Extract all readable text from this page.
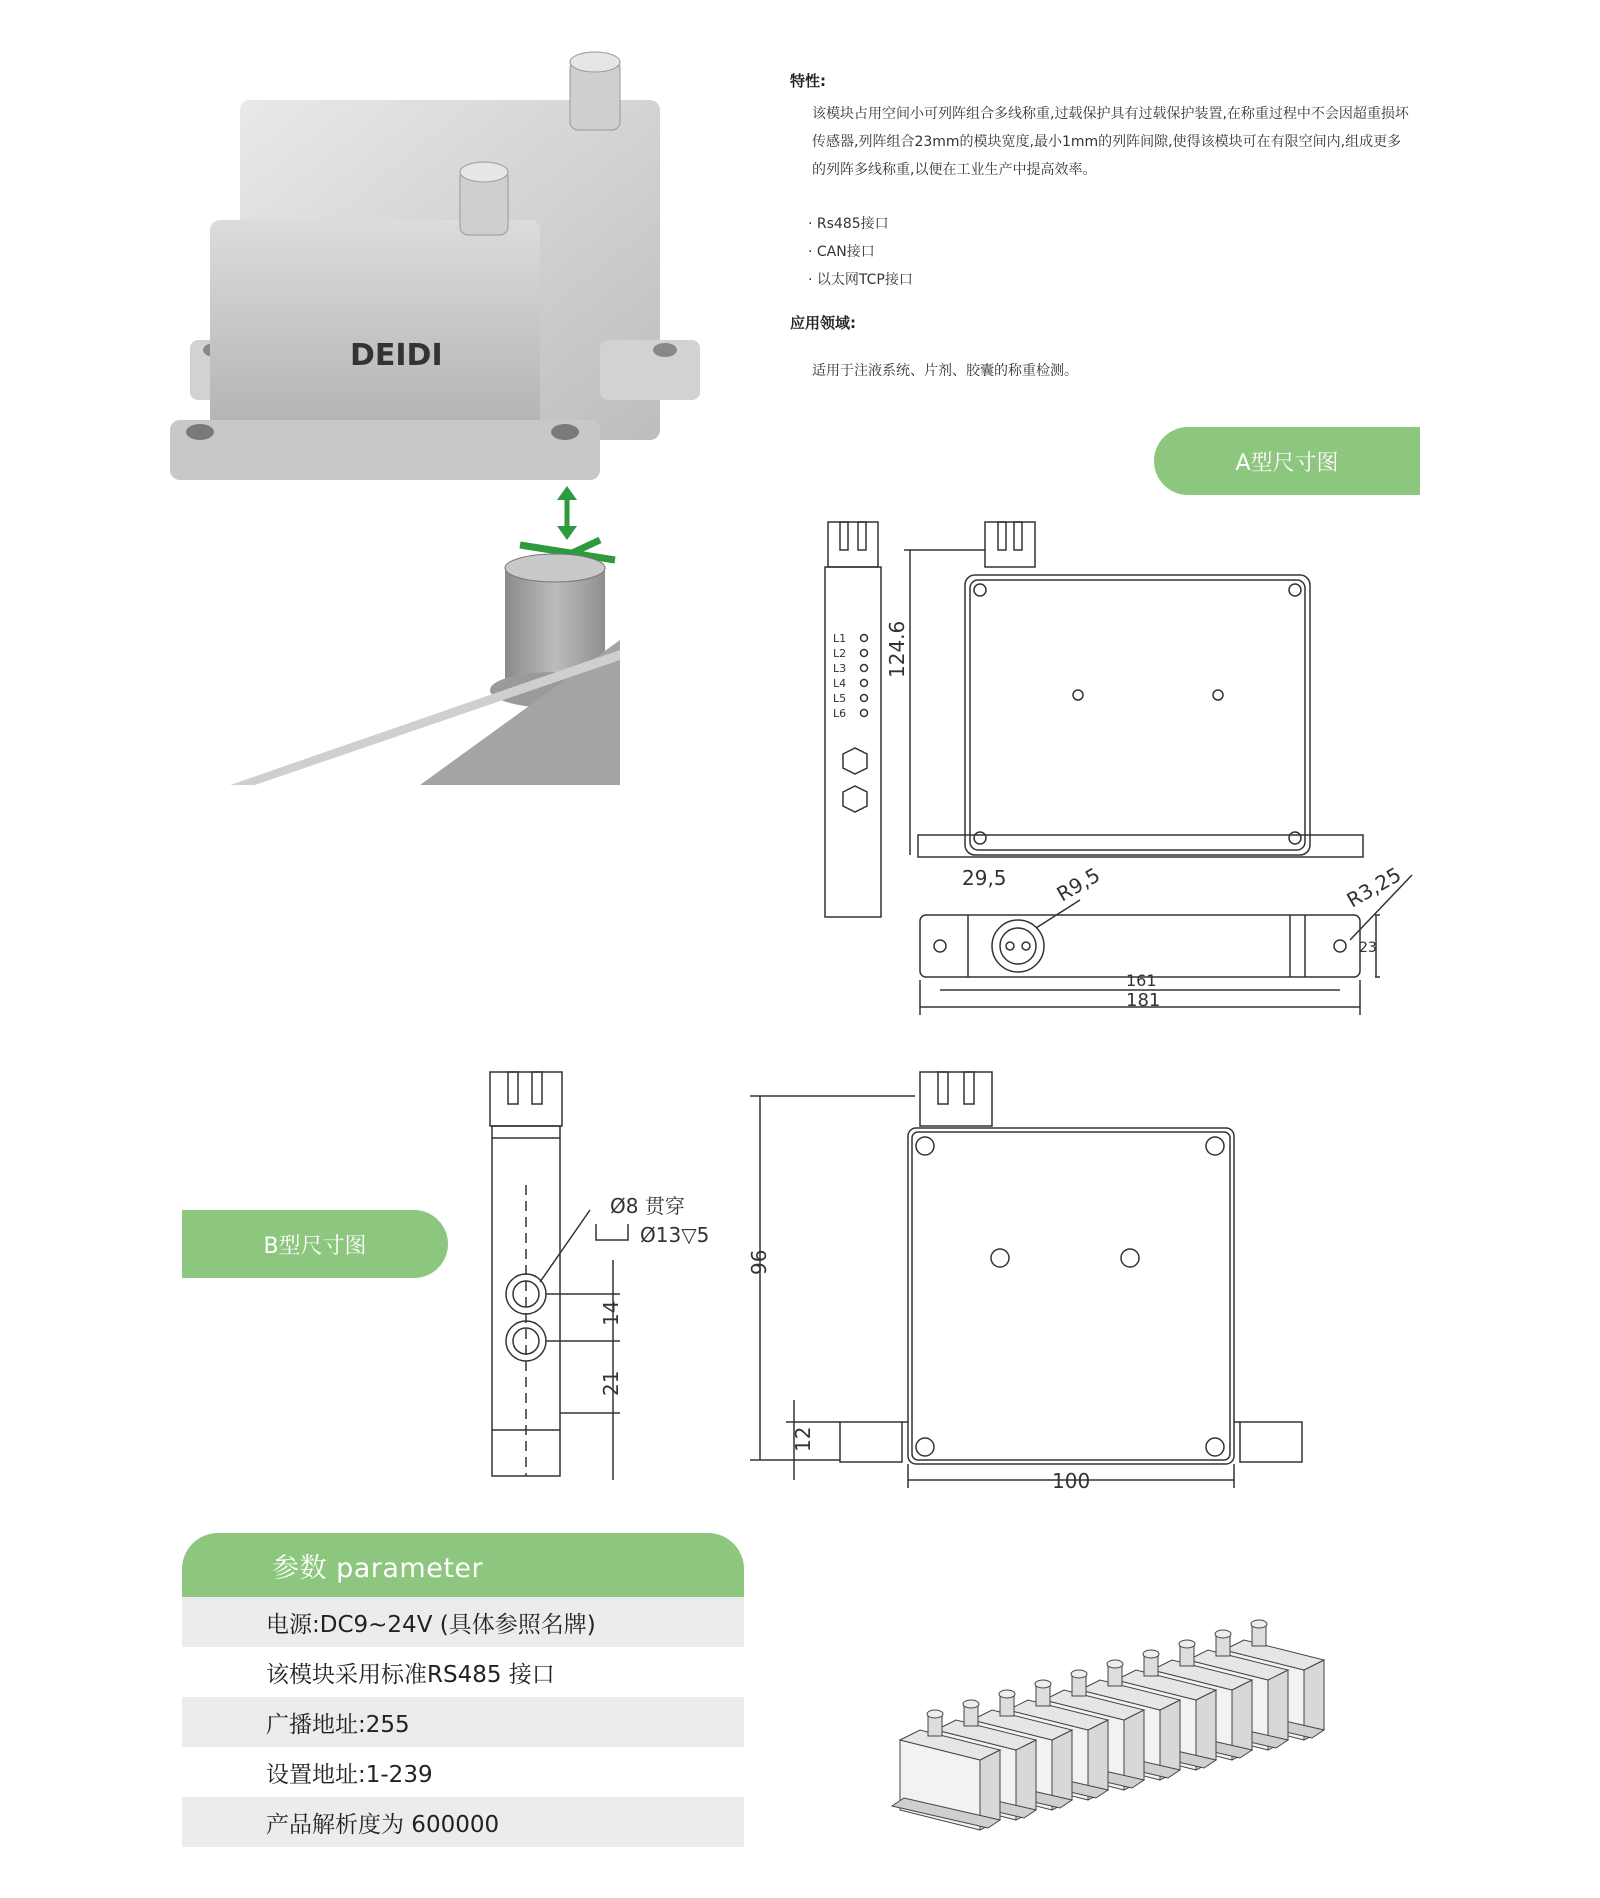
DEIDI
特性:
该模块占用空间小可列阵组合多线称重,过载保护具有过载保护装置,在称重过程中不会因超重损坏传感器,列阵组合23mm的模块宽度,最小1mm的列阵间隙,使得该模块可在有限空间内,组成更多的列阵多线称重,以便在工业生产中提高效率。
· Rs485接口
· CAN接口
· 以太网TCP接口
应用领域:
适用于注液系统、片剂、胶囊的称重检测。
A型尺寸图
L1
L2
L3
L4
L5
L6
124.6
29,5 R9,5	R3,25
161
181
23
B型尺寸图
Ø8 贯穿
Ø13▽5
14
21
96
12
100
参数 parameter
电源:DC9~24V (具体参照名牌)
该模块采用标准RS485 接口
广播地址:255
设置地址:1-239
产品解析度为 600000
